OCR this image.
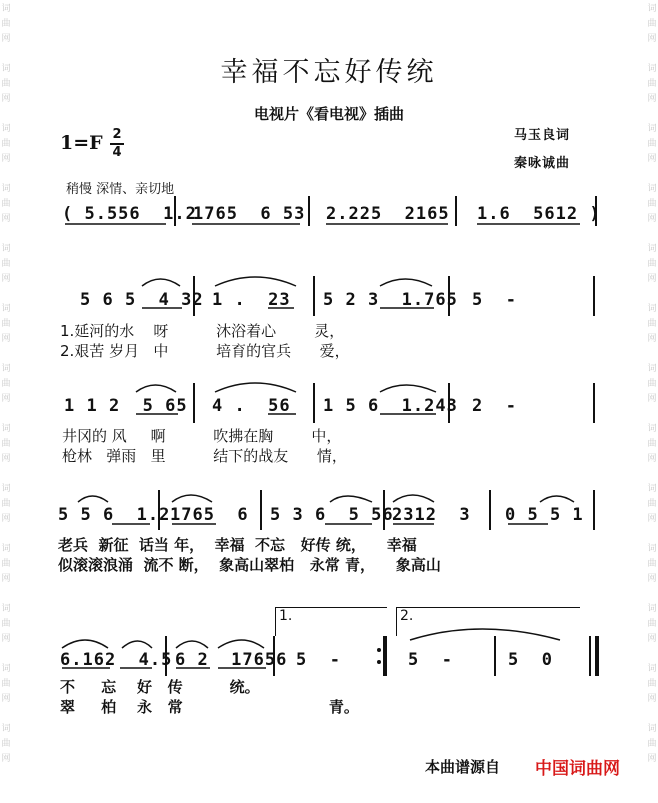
词
曲
网
词
曲
网
词
曲
网
词
曲
网
词
曲
网
词
曲
网
词
曲
网
词
曲
网
词
曲
网
词
曲
网
词
曲
网
词
曲
网
词
曲
网
词
曲
网
词
曲
网
词
曲
网
词
曲
网
词
曲
网
词
曲
网
词
曲
网
词
曲
网
词
曲
网
词
曲
网
词
曲
网
词
曲
网
词
曲
网
幸福不忘好传统
电视片《看电视》插曲
1=F 2
4
马玉良词
秦咏诚曲
稍慢 深情、亲切地
( 5.556  1.2
1765  6 53 2.225  2165 1.6  5612 )
5 6 5  4 32 1 .  23 5 2 3  1.765 5  -
1.延河的水    呀          沐浴着心        灵，
2.艰苦 岁月   中          培育的官兵      爱，
1 1 2  5 65 4 .  56 1 5 6  1.243 2  -
井冈的 风     啊          吹拂在胸        中，
枪林   弹雨   里          结下的战友      情，
5 5 6  1.2 1765  6 5 3 6  5 56
2312  3 0 5 5 1
老兵  新征  话当 年，  幸福  不忘   好传 统，    幸福
似滚滚浪涌  流不 断，  象高山翠柏   永常 青，    象高山
1.	2.
6.162  4.5 6 2  17656 5  -	5  -	5  0
不     忘    好   传         统。
翠     柏    永   常                            青。
本曲谱源自 中国词曲网
